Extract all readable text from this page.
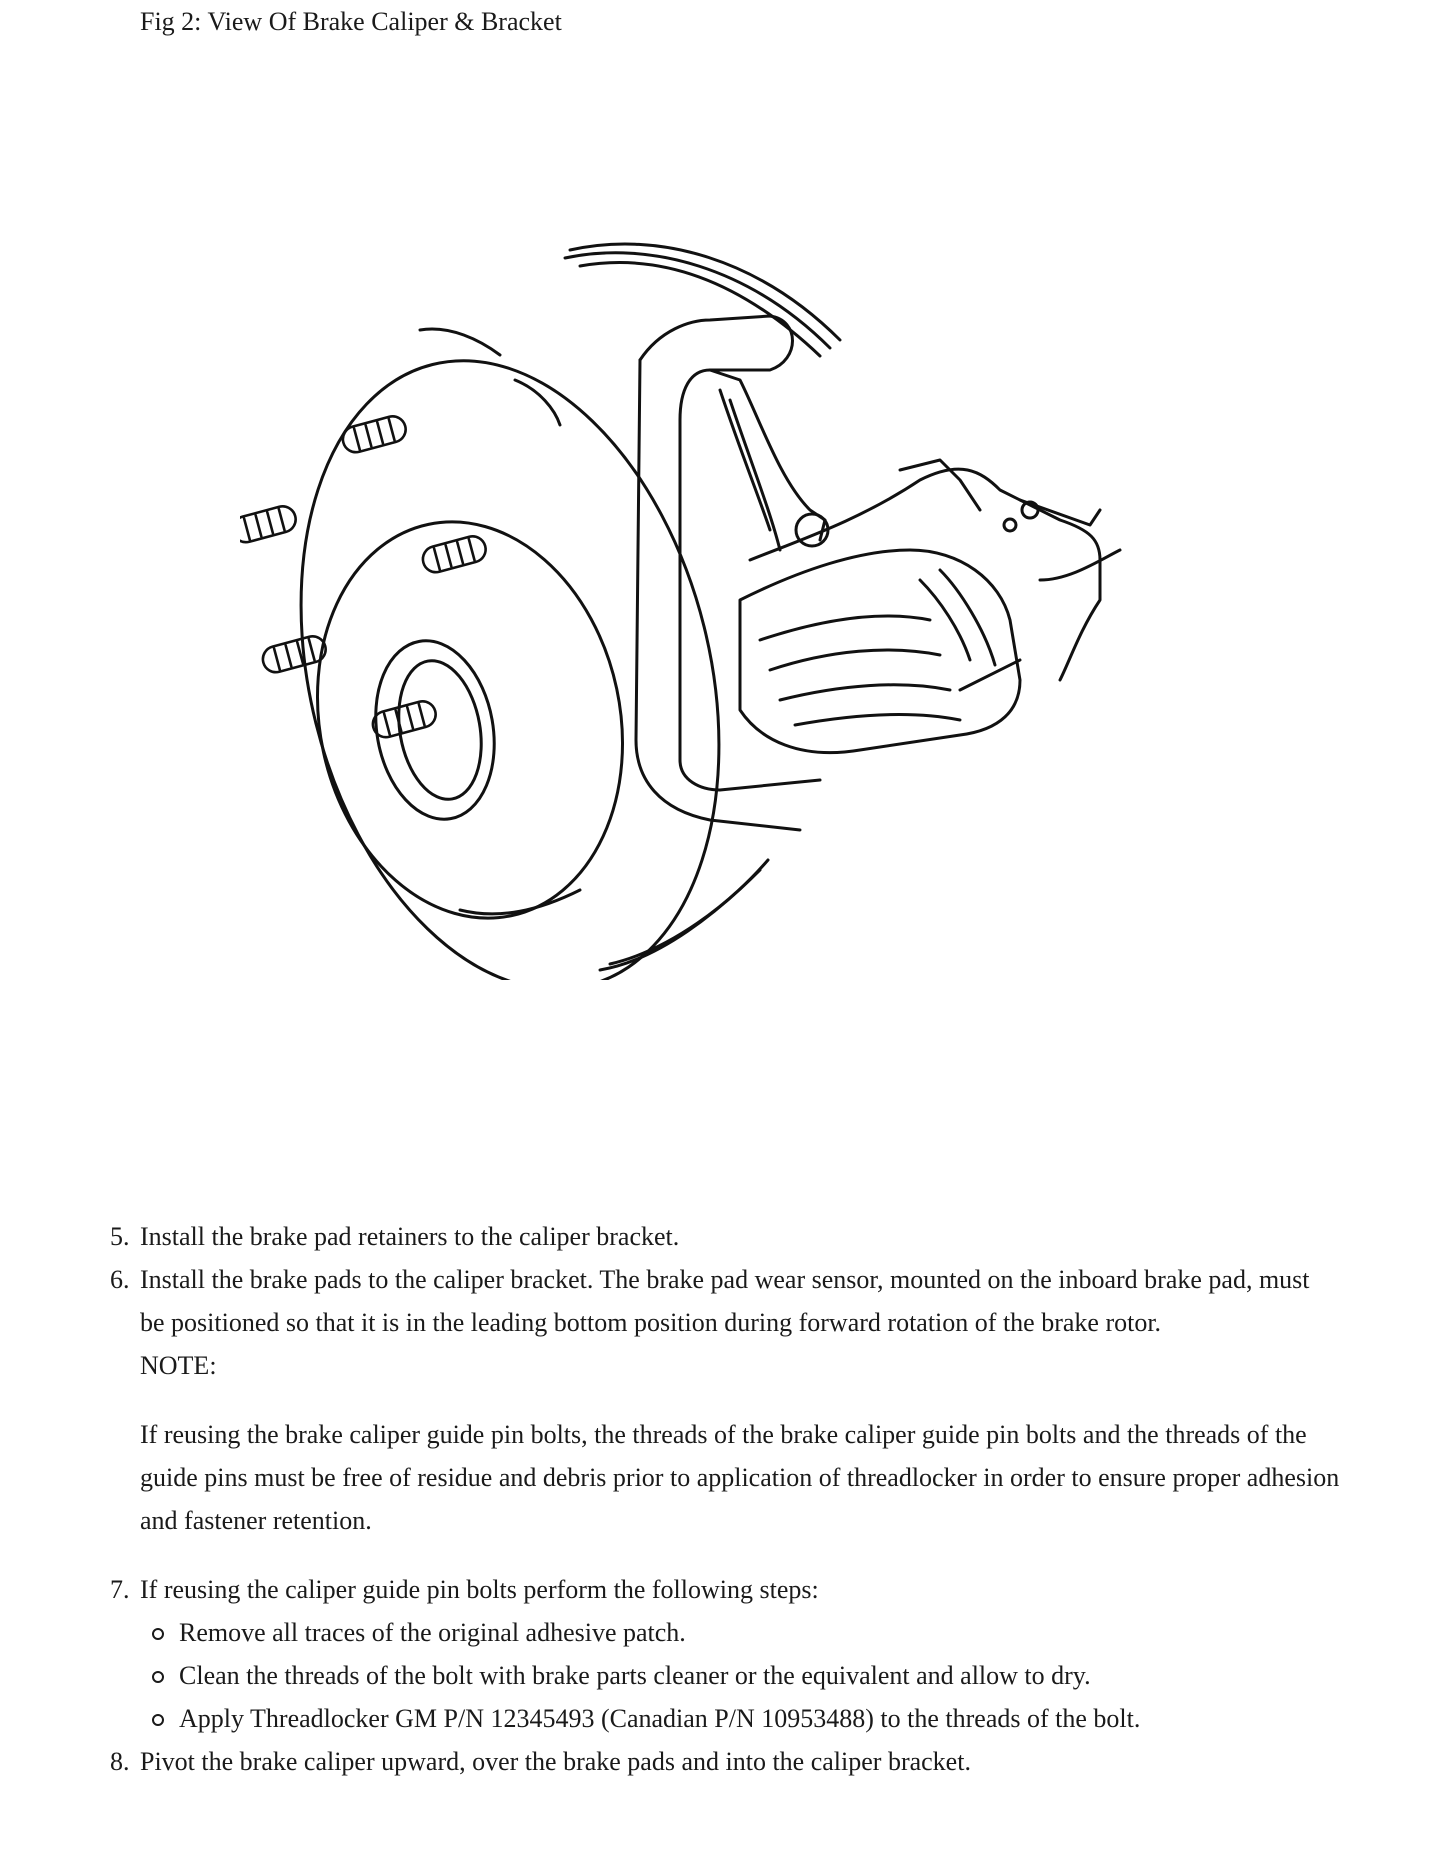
Fig 2: View Of Brake Caliper & Bracket
5. Install the brake pad retainers to the caliper bracket.
6. Install the brake pads to the caliper bracket. The brake pad wear sensor, mounted on the inboard brake pad, must be positioned so that it is in the leading bottom position during forward rotation of the brake rotor.
NOTE:
If reusing the brake caliper guide pin bolts, the threads of the brake caliper guide pin bolts and the threads of the guide pins must be free of residue and debris prior to application of threadlocker in order to ensure proper adhesion and fastener retention.
7. If reusing the caliper guide pin bolts perform the following steps:
Remove all traces of the original adhesive patch.
Clean the threads of the bolt with brake parts cleaner or the equivalent and allow to dry.
Apply Threadlocker GM P/N 12345493 (Canadian P/N 10953488) to the threads of the bolt.
8. Pivot the brake caliper upward, over the brake pads and into the caliper bracket.
